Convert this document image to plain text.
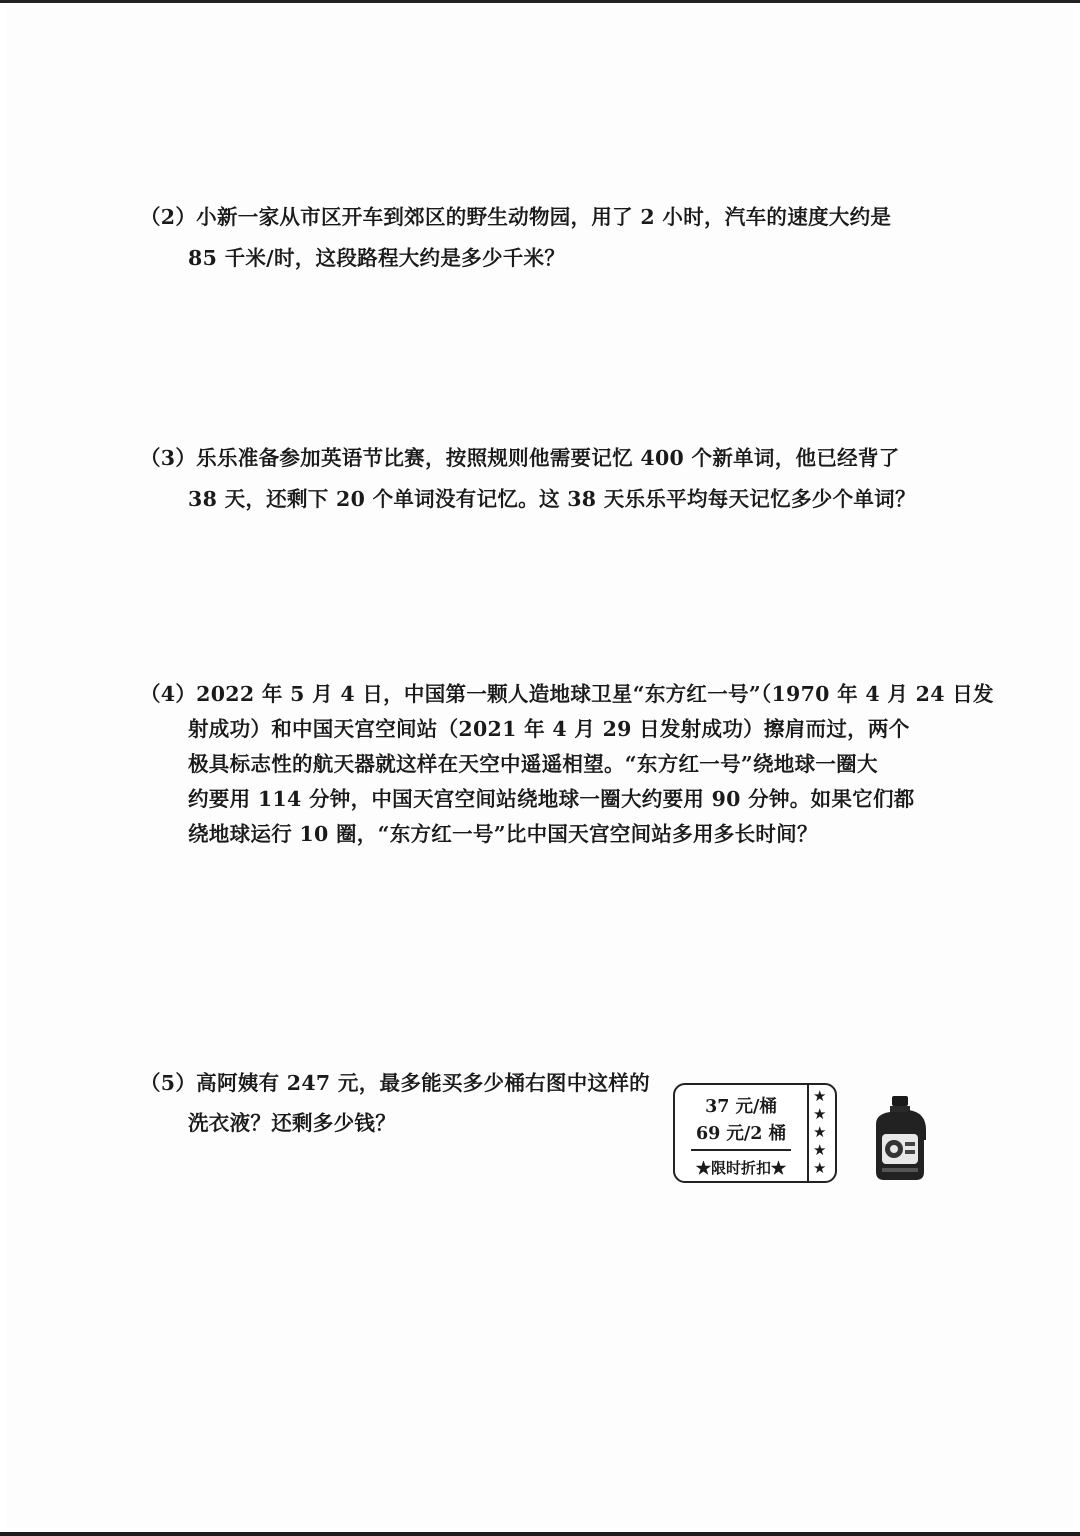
（2）小新一家从市区开车到郊区的野生动物园，用了 2 小时，汽车的速度大约是
85 千米/时，这段路程大约是多少千米？
（3）乐乐准备参加英语节比赛，按照规则他需要记忆 400 个新单词，他已经背了
38 天，还剩下 20 个单词没有记忆。这 38 天乐乐平均每天记忆多少个单词？
（4）2022 年 5 月 4 日，中国第一颗人造地球卫星“东方红一号”（1970 年 4 月 24 日发
射成功）和中国天宫空间站（2021 年 4 月 29 日发射成功）擦肩而过，两个
极具标志性的航天器就这样在天空中遥遥相望。“东方红一号”绕地球一圈大
约要用 114 分钟，中国天宫空间站绕地球一圈大约要用 90 分钟。如果它们都
绕地球运行 10 圈，“东方红一号”比中国天宫空间站多用多长时间？
（5）高阿姨有 247 元，最多能买多少桶右图中这样的
洗衣液？还剩多少钱？
37 元/桶
69 元/2 桶
★限时折扣★
★
★
★
★
★
